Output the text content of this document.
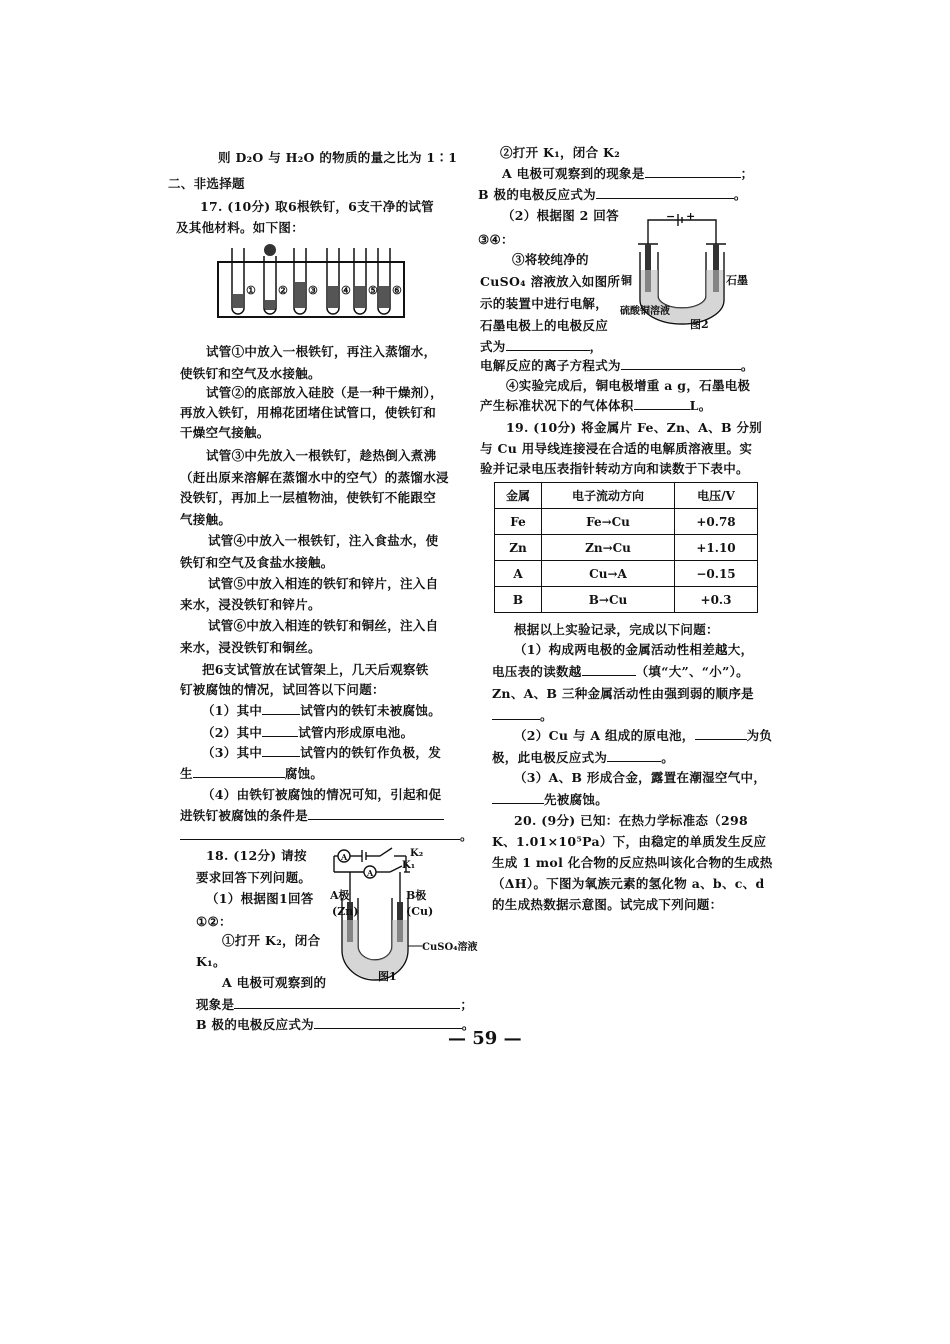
则 D₂O 与 H₂O 的物质的量之比为 1∶1
二、非选择题
17. (10分) 取6根铁钉，6支干净的试管
及其他材料。如下图：
① ② ③ ④ ⑤ ⑥
试管①中放入一根铁钉，再注入蒸馏水，
使铁钉和空气及水接触。
试管②的底部放入硅胶（是一种干燥剂），
再放入铁钉，用棉花团堵住试管口，使铁钉和
干燥空气接触。
试管③中先放入一根铁钉，趁热倒入煮沸
（赶出原来溶解在蒸馏水中的空气）的蒸馏水浸
没铁钉，再加上一层植物油，使铁钉不能跟空
气接触。
试管④中放入一根铁钉，注入食盐水，使
铁钉和空气及食盐水接触。
试管⑤中放入相连的铁钉和锌片，注入自
来水，浸没铁钉和锌片。
试管⑥中放入相连的铁钉和铜丝，注入自
来水，浸没铁钉和铜丝。
把6支试管放在试管架上，几天后观察铁
钉被腐蚀的情况，试回答以下问题：
（1）其中	试管内的铁钉未被腐蚀。
（2）其中	试管内形成原电池。
（3）其中	试管内的铁钉作负极，发
生	腐蚀。
（4）由铁钉被腐蚀的情况可知，引起和促
进铁钉被腐蚀的条件是
。
18. (12分) 请按
要求回答下列问题。
（1）根据图1回答
①②：
①打开 K₂，闭合
K₁。
A 电极可观察到的
现象是	；
B 极的电极反应式为	。
A
A
K₂
K₁
A极
(Zn)
B极
(Cu)
CuSO₄溶液
图1
②打开 K₁，闭合 K₂
A 电极可观察到的现象是	；
B 极的电极反应式为	。
（2）根据图 2 回答
③④：
③将较纯净的
CuSO₄ 溶液放入如图所
示的装置中进行电解，
石墨电极上的电极反应
式为	，
电解反应的离子方程式为	。
④实验完成后，铜电极增重 a g，石墨电极
产生标准状况下的气体体积	L。
− +
铜	石墨
硫酸铜溶液
图2
19. (10分) 将金属片 Fe、Zn、A、B 分别
与 Cu 用导线连接浸在合适的电解质溶液里。实
验并记录电压表指针转动方向和读数于下表中。
金属	电子流动方向	电压/V
Fe	Fe→Cu	+0.78
Zn	Zn→Cu	+1.10
A	Cu→A	−0.15
B	B→Cu	+0.3
根据以上实验记录，完成以下问题：
（1）构成两电极的金属活动性相差越大，
电压表的读数越	（填“大”、“小”）。
Zn、A、B 三种金属活动性由强到弱的顺序是
。
（2）Cu 与 A 组成的原电池，	为负
极，此电极反应式为	。
（3）A、B 形成合金，露置在潮湿空气中，
先被腐蚀。
20. (9分) 已知：在热力学标准态（298
K、1.01×10⁵Pa）下，由稳定的单质发生反应
生成 1 mol 化合物的反应热叫该化合物的生成热
（ΔH）。下图为氧族元素的氢化物 a、b、c、d
的生成热数据示意图。试完成下列问题：
— 59 —
